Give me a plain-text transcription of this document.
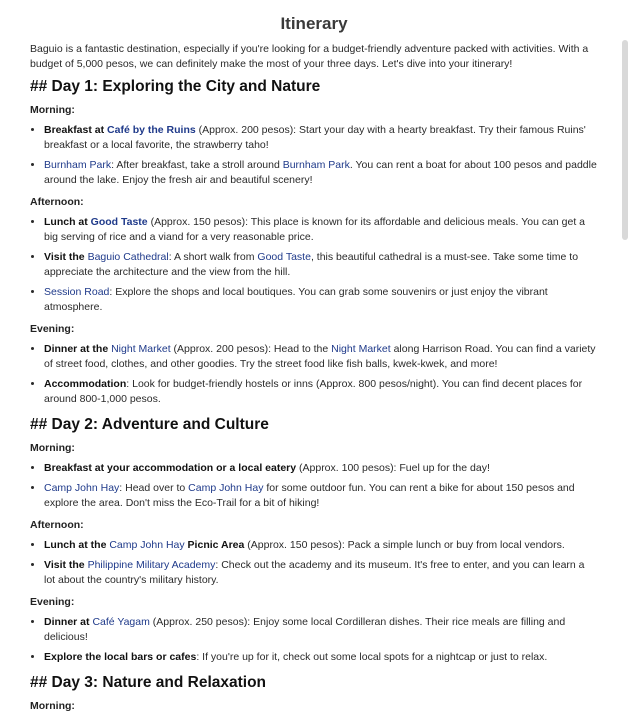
Itinerary

Baguio is a fantastic destination, especially if you're looking for a budget-friendly adventure packed with activities. With a budget of 5,000 pesos, we can definitely make the most of your three days. Let's dive into your itinerary!

## Day 1: Exploring the City and Nature
Morning:
• Breakfast at Café by the Ruins (Approx. 200 pesos): Start your day with a hearty breakfast. Try their famous Ruins' breakfast or a local favorite, the strawberry taho!
• Burnham Park: After breakfast, take a stroll around Burnham Park. You can rent a boat for about 100 pesos and paddle around the lake. Enjoy the fresh air and beautiful scenery!
Afternoon:
• Lunch at Good Taste (Approx. 150 pesos): This place is known for its affordable and delicious meals. You can get a big serving of rice and a viand for a very reasonable price.
• Visit the Baguio Cathedral: A short walk from Good Taste, this beautiful cathedral is a must-see. Take some time to appreciate the architecture and the view from the hill.
• Session Road: Explore the shops and local boutiques. You can grab some souvenirs or just enjoy the vibrant atmosphere.
Evening:
• Dinner at the Night Market (Approx. 200 pesos): Head to the Night Market along Harrison Road. You can find a variety of street food, clothes, and other goodies. Try the street food like fish balls, kwek-kwek, and more!
• Accommodation: Look for budget-friendly hostels or inns (Approx. 800 pesos/night). You can find decent places for around 800-1,000 pesos.
## Day 2: Adventure and Culture
Morning:
• Breakfast at your accommodation or a local eatery (Approx. 100 pesos): Fuel up for the day!
• Camp John Hay: Head over to Camp John Hay for some outdoor fun. You can rent a bike for about 150 pesos and explore the area. Don't miss the Eco-Trail for a bit of hiking!
Afternoon:
• Lunch at the Camp John Hay Picnic Area (Approx. 150 pesos): Pack a simple lunch or buy from local vendors.
• Visit the Philippine Military Academy: Check out the academy and its museum. It's free to enter, and you can learn a lot about the country's military history.
Evening:
• Dinner at Café Yagam (Approx. 250 pesos): Enjoy some local Cordilleran dishes. Their rice meals are filling and delicious!
• Explore the local bars or cafes: If you're up for it, check out some local spots for a nightcap or just to relax.
## Day 3: Nature and Relaxation
Morning:
